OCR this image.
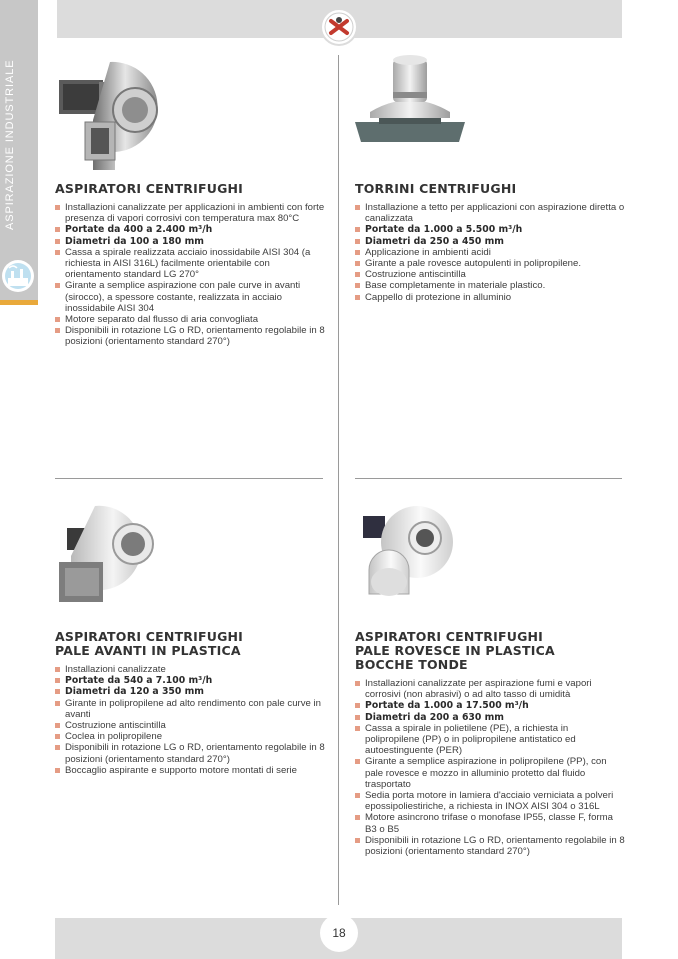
ASPIRAZIONE INDUSTRIALE	ASPIRATORI CENTRIFUGHI
Installazioni canalizzate per applicazioni in ambienti con forte presenza di vapori corrosivi con temperatura max 80°C
Portate da 400 a 2.400 m³/h
Diametri da 100 a 180 mm
Cassa a spirale realizzata acciaio inossidabile AISI 304 (a richiesta in AISI 316L) facilmente orientabile con orientamento standard LG 270°
Girante a semplice aspirazione con pale curve in avanti (sirocco), a spessore costante, realizzata in acciaio inossidabile AISI 304
Motore separato dal flusso di aria convogliata
Disponibili in rotazione LG o RD, orientamento regolabile in 8 posizioni (orientamento standard 270°)
TORRINI CENTRIFUGHI
Installazione a tetto per applicazioni con aspirazione diretta o canalizzata
Portate da 1.000 a 5.500 m³/h
Diametri da 250 a 450 mm
Applicazione in ambienti acidi
Girante a pale rovesce autopulenti in polipropilene.
Costruzione antiscintilla
Base completamente in materiale plastico.
Cappello di protezione in alluminio
ASPIRATORI CENTRIFUGHI
PALE AVANTI IN PLASTICA
Installazioni canalizzate
Portate da 540 a 7.100 m³/h
Diametri da 120 a 350 mm
Girante in polipropilene ad alto rendimento con pale curve in avanti
Costruzione antiscintilla
Coclea in polipropilene
Disponibili in rotazione LG o RD, orientamento regolabile in 8 posizioni (orientamento standard 270°)
Boccaglio aspirante e supporto motore montati di serie
ASPIRATORI CENTRIFUGHI
PALE ROVESCE IN PLASTICA
BOCCHE TONDE
Installazioni canalizzate per aspirazione fumi e vapori corrosivi (non abrasivi) o ad alto tasso di umidità
Portate da 1.000 a 17.500 m³/h
Diametri da 200 a 630 mm
Cassa a spirale in polietilene (PE), a richiesta in polipropilene (PP) o in polipropilene antistatico ed autoestinguente (PER)
Girante a semplice aspirazione in polipropilene (PP), con pale rovesce e mozzo in alluminio protetto dal fluido trasportato
Sedia porta motore in lamiera d'acciaio verniciata a polveri epossipoliestiriche, a richiesta in INOX AISI 304 o 316L
Motore asincrono trifase o monofase IP55, classe F, forma B3 o B5
Disponibili in rotazione LG o RD, orientamento regolabile in 8 posizioni (orientamento standard 270°)
18
